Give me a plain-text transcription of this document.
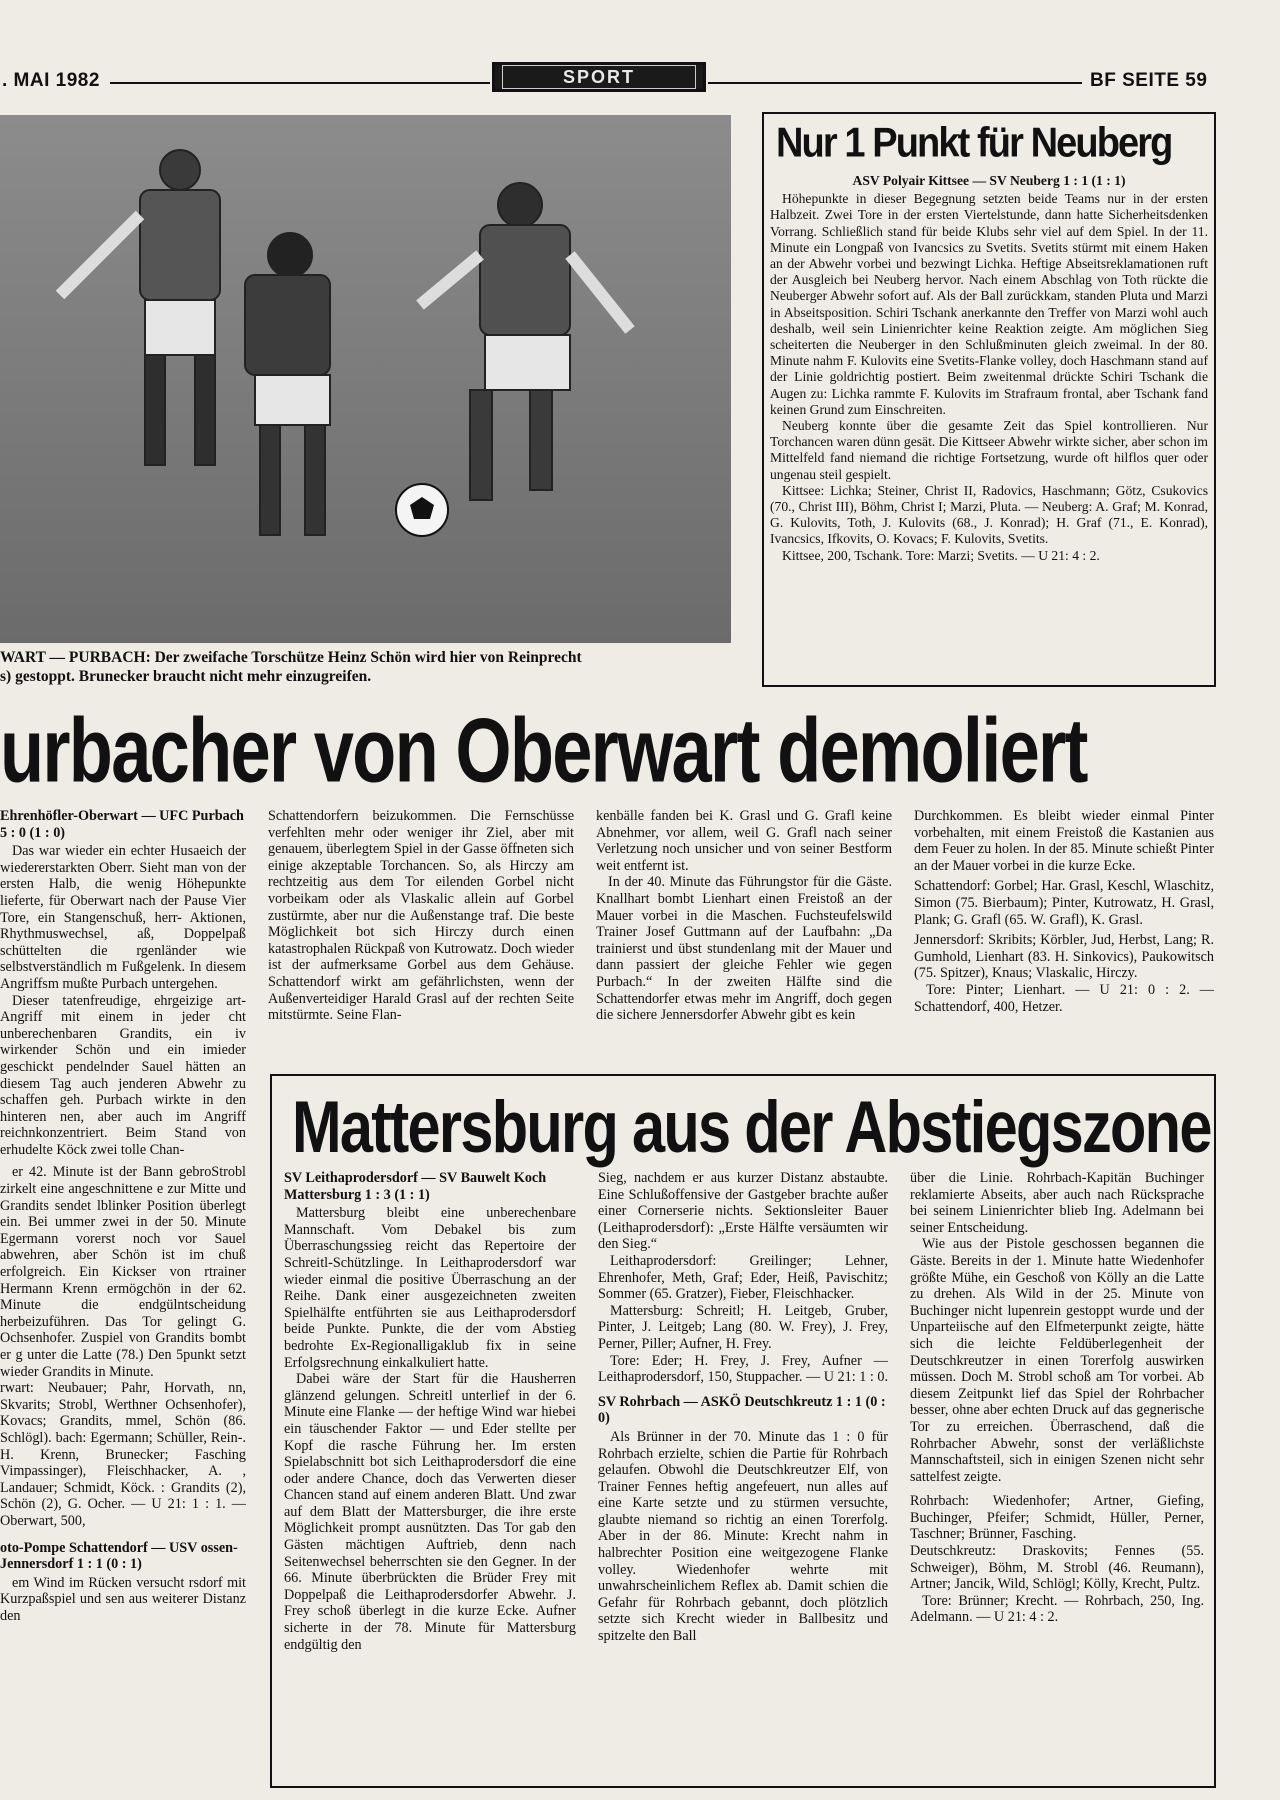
. MAI 1982	SPORT	BF SEITE 59
WART — PURBACH: Der zweifache Torschütze Heinz Schön wird hier von Reinprecht
s) gestoppt. Brunecker braucht nicht mehr einzugreifen.
Nur 1 Punkt für Neuberg

ASV Polyair Kittsee — SV Neuberg 1 : 1 (1 : 1)

Höhepunkte in dieser Begegnung setzten beide Teams nur in der ersten Halbzeit. Zwei Tore in der ersten Viertelstunde, dann hatte Sicherheitsdenken Vorrang. Schließlich stand für beide Klubs sehr viel auf dem Spiel. In der 11. Minute ein Longpaß von Ivancsics zu Svetits. Svetits stürmt mit einem Haken an der Abwehr vorbei und bezwingt Lichka. Heftige Abseitsreklamationen ruft der Ausgleich bei Neuberg hervor. Nach einem Abschlag von Toth rückte die Neuberger Abwehr sofort auf. Als der Ball zurückkam, standen Pluta und Marzi in Abseitsposition. Schiri Tschank anerkannte den Treffer von Marzi wohl auch deshalb, weil sein Linienrichter keine Reaktion zeigte. Am möglichen Sieg scheiterten die Neuberger in den Schlußminuten gleich zweimal. In der 80. Minute nahm F. Kulovits eine Svetits-Flanke volley, doch Haschmann stand auf der Linie goldrichtig postiert. Beim zweitenmal drückte Schiri Tschank die Augen zu: Lichka rammte F. Kulovits im Strafraum frontal, aber Tschank fand keinen Grund zum Einschreiten.

Neuberg konnte über die gesamte Zeit das Spiel kontrollieren. Nur Torchancen waren dünn gesät. Die Kittseer Abwehr wirkte sicher, aber schon im Mittelfeld fand niemand die richtige Fortsetzung, wurde oft hilflos quer oder ungenau steil gespielt.

Kittsee: Lichka; Steiner, Christ II, Radovics, Haschmann; Götz, Csukovics (70., Christ III), Böhm, Christ I; Marzi, Pluta. — Neuberg: A. Graf; M. Konrad, G. Kulovits, Toth, J. Kulovits (68., J. Konrad); H. Graf (71., E. Konrad), Ivancsics, Ifkovits, O. Kovacs; F. Kulovits, Svetits.

Kittsee, 200, Tschank. Tore: Marzi; Svetits. — U 21: 4 : 2.

urbacher von Oberwart demoliert

Ehrenhöfler-Oberwart — UFC Purbach 5 : 0 (1 : 0)

Das war wieder ein echter Husaeich der wiedererstarkten Oberr. Sieht man von der ersten Halb, die wenig Höhepunkte lieferte, für Oberwart nach der Pause Vier Tore, ein Stangenschuß, herr- Aktionen, Rhythmuswechsel, aß, Doppelpaß schüttelten die rgenländer wie selbstverständlich m Fußgelenk. In diesem Angriffsm mußte Purbach untergehen.

Dieser tatenfreudige, ehrgeizige art-Angriff mit einem in jeder cht unberechenbaren Grandits, ein iv wirkender Schön und ein imieder geschickt pendelnder Sauel hätten an diesem Tag auch jenderen Abwehr zu schaffen geh. Purbach wirkte in den hinteren nen, aber auch im Angriff reichnkonzentriert. Beim Stand von erhudelte Köck zwei tolle Chan-

er 42. Minute ist der Bann gebroStrobl zirkelt eine angeschnittene e zur Mitte und Grandits sendet lblinker Position überlegt ein. Bei ummer zwei in der 50. Minute Egermann vorerst noch vor Sauel abwehren, aber Schön ist im chuß erfolgreich. Ein Kickser von rtrainer Hermann Krenn ermögchön in der 62. Minute die endgülntscheidung herbeizuführen. Das Tor gelingt G. Ochsenhofer. Zuspiel von Grandits bombt er g unter die Latte (78.) Den 5punkt setzt wieder Grandits in Minute.

rwart: Neubauer; Pahr, Horvath, nn, Skvarits; Strobl, Werthner Ochsenhofer), Kovacs; Grandits, mmel, Schön (86. Schlögl). bach: Egermann; Schüller, Rein-. H. Krenn, Brunecker; Fasching Vimpassinger), Fleischhacker, A. , Landauer; Schmidt, Köck. : Grandits (2), Schön (2), G. Ocher. — U 21: 1 : 1. — Oberwart, 500,

oto-Pompe Schattendorf — USV ossen-Jennersdorf 1 : 1 (0 : 1)

em Wind im Rücken versucht rsdorf mit Kurzpaßspiel und sen aus weiterer Distanz den

Schattendorfern beizukommen. Die Fernschüsse verfehlten mehr oder weniger ihr Ziel, aber mit genauem, überlegtem Spiel in der Gasse öffneten sich einige akzeptable Torchancen. So, als Hirczy am rechtzeitig aus dem Tor eilenden Gorbel nicht vorbeikam oder als Vlaskalic allein auf Gorbel zustürmte, aber nur die Außenstange traf. Die beste Möglichkeit bot sich Hirczy durch einen katastrophalen Rückpaß von Kutrowatz. Doch wieder ist der aufmerksame Gorbel aus dem Gehäuse. Schattendorf wirkt am gefährlichsten, wenn der Außenverteidiger Harald Grasl auf der rechten Seite mitstürmte. Seine Flan-

kenbälle fanden bei K. Grasl und G. Grafl keine Abnehmer, vor allem, weil G. Grafl nach seiner Verletzung noch unsicher und von seiner Bestform weit entfernt ist.

In der 40. Minute das Führungstor für die Gäste. Knallhart bombt Lienhart einen Freistoß an der Mauer vorbei in die Maschen. Fuchsteufelswild Trainer Josef Guttmann auf der Laufbahn: „Da trainierst und übst stundenlang mit der Mauer und dann passiert der gleiche Fehler wie gegen Purbach.“ In der zweiten Hälfte sind die Schattendorfer etwas mehr im Angriff, doch gegen die sichere Jennersdorfer Abwehr gibt es kein

Durchkommen. Es bleibt wieder einmal Pinter vorbehalten, mit einem Freistoß die Kastanien aus dem Feuer zu holen. In der 85. Minute schießt Pinter an der Mauer vorbei in die kurze Ecke.

Schattendorf: Gorbel; Har. Grasl, Keschl, Wlaschitz, Simon (75. Bierbaum); Pinter, Kutrowatz, H. Grasl, Plank; G. Grafl (65. W. Grafl), K. Grasl.

Jennersdorf: Skribits; Körbler, Jud, Herbst, Lang; R. Gumhold, Lienhart (83. H. Sinkovics), Paukowitsch (75. Spitzer), Knaus; Vlaskalic, Hirczy.

Tore: Pinter; Lienhart. — U 21: 0 : 2. — Schattendorf, 400, Hetzer.

Mattersburg aus der Abstiegszone

SV Leithaprodersdorf — SV Bauwelt Koch Mattersburg 1 : 3 (1 : 1)

Mattersburg bleibt eine unberechenbare Mannschaft. Vom Debakel bis zum Überraschungssieg reicht das Repertoire der Schreitl-Schützlinge. In Leithaprodersdorf war wieder einmal die positive Überraschung an der Reihe. Dank einer ausgezeichneten zweiten Spielhälfte entführten sie aus Leithaprodersdorf beide Punkte. Punkte, die der vom Abstieg bedrohte Ex-Regionalligaklub fix in seine Erfolgsrechnung einkalkuliert hatte.

Dabei wäre der Start für die Hausherren glänzend gelungen. Schreitl unterlief in der 6. Minute eine Flanke — der heftige Wind war hiebei ein täuschender Faktor — und Eder stellte per Kopf die rasche Führung her. Im ersten Spielabschnitt bot sich Leithaprodersdorf die eine oder andere Chance, doch das Verwerten dieser Chancen stand auf einem anderen Blatt. Und zwar auf dem Blatt der Mattersburger, die ihre erste Möglichkeit prompt ausnützten. Das Tor gab den Gästen mächtigen Auftrieb, denn nach Seitenwechsel beherrschten sie den Gegner. In der 66. Minute überbrückten die Brüder Frey mit Doppelpaß die Leithaprodersdorfer Abwehr. J. Frey schoß überlegt in die kurze Ecke. Aufner sicherte in der 78. Minute für Mattersburg endgültig den

Sieg, nachdem er aus kurzer Distanz abstaubte. Eine Schlußoffensive der Gastgeber brachte außer einer Cornerserie nichts. Sektionsleiter Bauer (Leithaprodersdorf): „Erste Hälfte versäumten wir den Sieg.“

Leithaprodersdorf: Greilinger; Lehner, Ehrenhofer, Meth, Graf; Eder, Heiß, Pavischitz; Sommer (65. Gratzer), Fieber, Fleischhacker.

Mattersburg: Schreitl; H. Leitgeb, Gruber, Pinter, J. Leitgeb; Lang (80. W. Frey), J. Frey, Perner, Piller; Aufner, H. Frey.

Tore: Eder; H. Frey, J. Frey, Aufner — Leithaprodersdorf, 150, Stuppacher. — U 21: 1 : 0.

SV Rohrbach — ASKÖ Deutschkreutz 1 : 1 (0 : 0)

Als Brünner in der 70. Minute das 1 : 0 für Rohrbach erzielte, schien die Partie für Rohrbach gelaufen. Obwohl die Deutschkreutzer Elf, von Trainer Fennes heftig angefeuert, nun alles auf eine Karte setzte und zu stürmen versuchte, glaubte niemand so richtig an einen Torerfolg. Aber in der 86. Minute: Krecht nahm in halbrechter Position eine weitgezogene Flanke volley. Wiedenhofer wehrte mit unwahrscheinlichem Reflex ab. Damit schien die Gefahr für Rohrbach gebannt, doch plötzlich setzte sich Krecht wieder in Ballbesitz und spitzelte den Ball

über die Linie. Rohrbach-Kapitän Buchinger reklamierte Abseits, aber auch nach Rücksprache bei seinem Linienrichter blieb Ing. Adelmann bei seiner Entscheidung.

Wie aus der Pistole geschossen begannen die Gäste. Bereits in der 1. Minute hatte Wiedenhofer größte Mühe, ein Geschoß von Kölly an die Latte zu drehen. Als Wild in der 25. Minute von Buchinger nicht lupenrein gestoppt wurde und der Unparteiische auf den Elfmeterpunkt zeigte, hätte sich die leichte Feldüberlegenheit der Deutschkreutzer in einen Torerfolg auswirken müssen. Doch M. Strobl schoß am Tor vorbei. Ab diesem Zeitpunkt lief das Spiel der Rohrbacher besser, ohne aber echten Druck auf das gegnerische Tor zu erreichen. Überraschend, daß die Rohrbacher Abwehr, sonst der verläßlichste Mannschaftsteil, sich in einigen Szenen nicht sehr sattelfest zeigte.

Rohrbach: Wiedenhofer; Artner, Giefing, Buchinger, Pfeifer; Schmidt, Hüller, Perner, Taschner; Brünner, Fasching.

Deutschkreutz: Draskovits; Fennes (55. Schweiger), Böhm, M. Strobl (46. Reumann), Artner; Jancik, Wild, Schlögl; Kölly, Krecht, Pultz.

Tore: Brünner; Krecht. — Rohrbach, 250, Ing. Adelmann. — U 21: 4 : 2.
